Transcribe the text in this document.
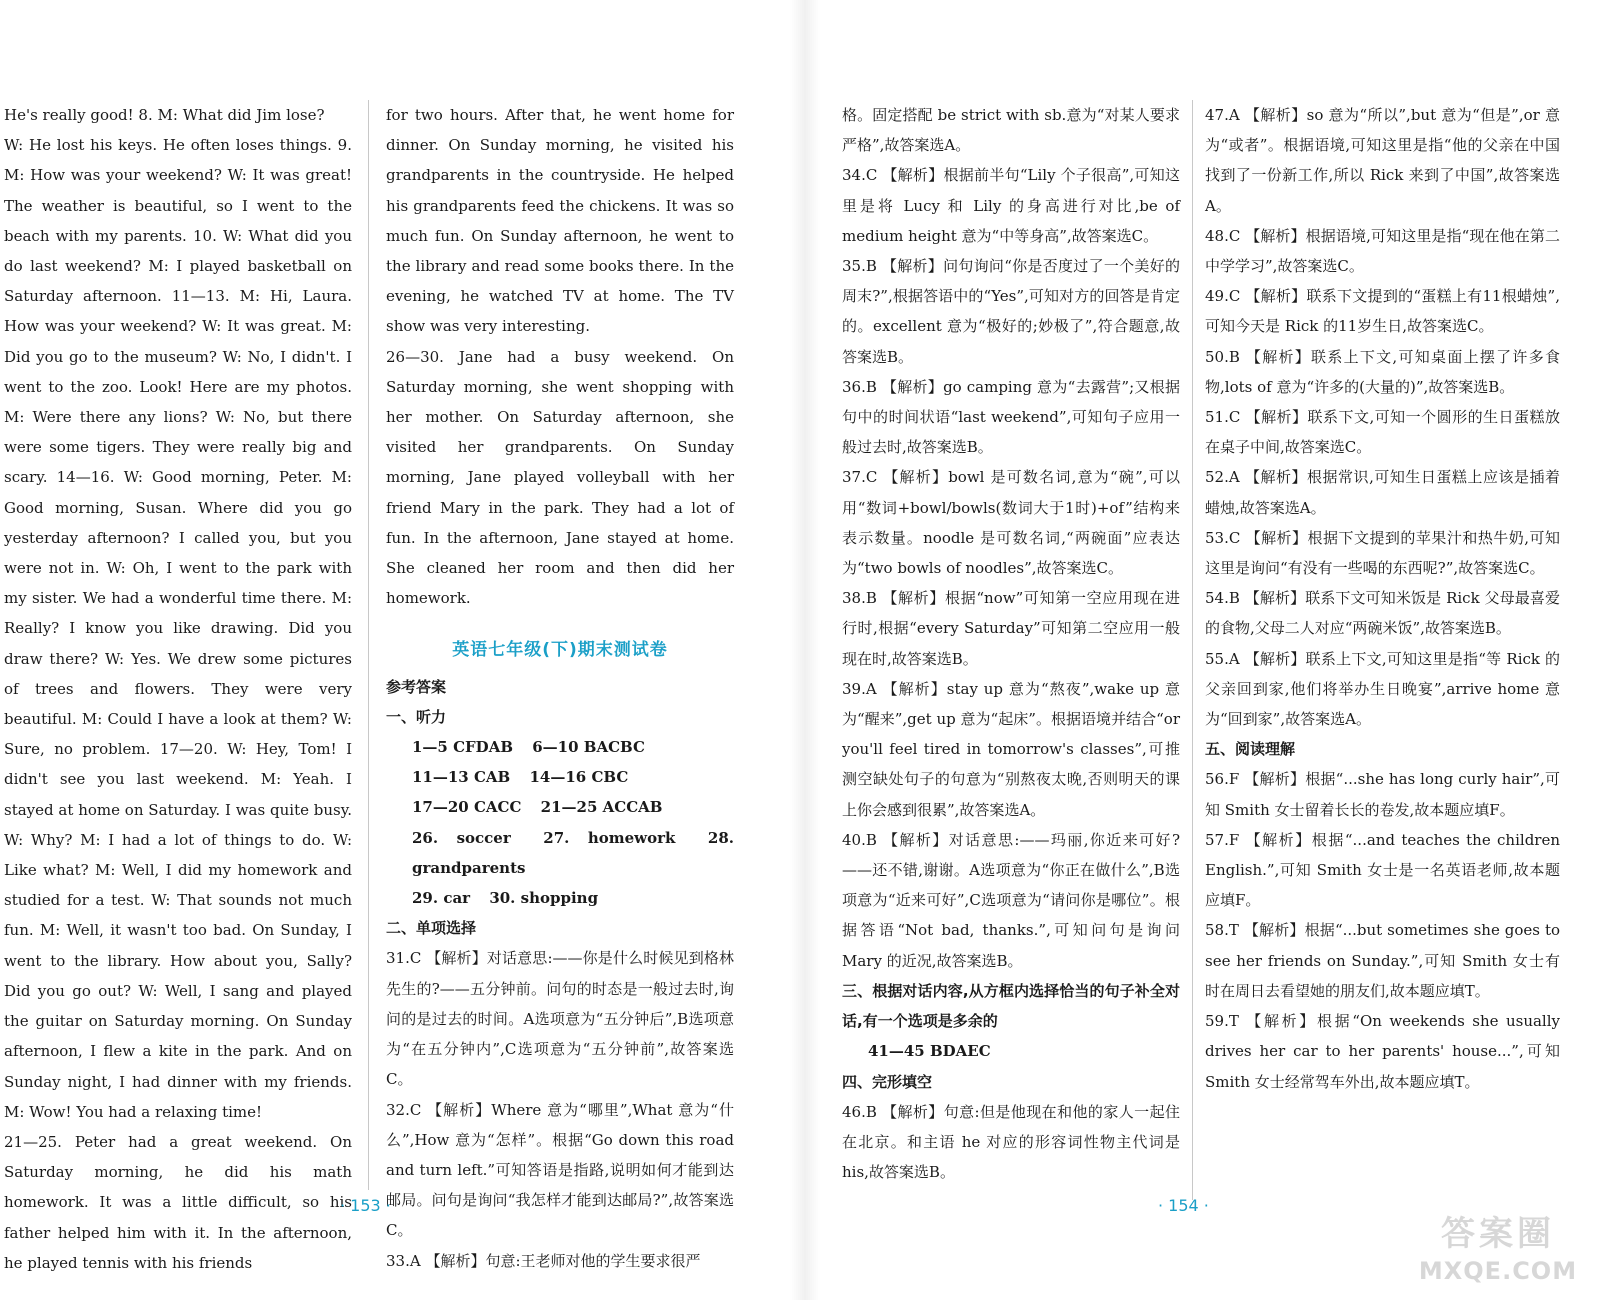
He's really good! 8. M: What did Jim lose?

W: He lost his keys. He often loses things. 9. M: How was your weekend? W: It was great! The weather is beautiful, so I went to the beach with my parents. 10. W: What did you do last weekend? M: I played basketball on Saturday afternoon. 11—13. M: Hi, Laura. How was your weekend? W: It was great. M: Did you go to the museum? W: No, I didn't. I went to the zoo. Look! Here are my photos. M: Were there any lions? W: No, but there were some tigers. They were really big and scary. 14—16. W: Good morning, Peter. M: Good morning, Susan. Where did you go yesterday afternoon? I called you, but you were not in. W: Oh, I went to the park with my sister. We had a wonderful time there. M: Really? I know you like drawing. Did you draw there? W: Yes. We drew some pictures of trees and flowers. They were very beautiful. M: Could I have a look at them? W: Sure, no problem. 17—20. W: Hey, Tom! I didn't see you last weekend. M: Yeah. I stayed at home on Saturday. I was quite busy. W: Why? M: I had a lot of things to do. W: Like what? M: Well, I did my homework and studied for a test. W: That sounds not much fun. M: Well, it wasn't too bad. On Sunday, I went to the library. How about you, Sally? Did you go out? W: Well, I sang and played the guitar on Saturday morning. On Sunday afternoon, I flew a kite in the park. And on Sunday night, I had dinner with my friends. M: Wow! You had a relaxing time!

21—25. Peter had a great weekend. On Saturday morning, he did his math homework. It was a little difficult, so his father helped him with it. In the afternoon, he played tennis with his friends

for two hours. After that, he went home for dinner. On Sunday morning, he visited his grandparents in the countryside. He helped his grandparents feed the chickens. It was so much fun. On Sunday afternoon, he went to the library and read some books there. In the evening, he watched TV at home. The TV show was very interesting.

26—30. Jane had a busy weekend. On Saturday morning, she went shopping with her mother. On Saturday afternoon, she visited her grandparents. On Sunday morning, Jane played volleyball with her friend Mary in the park. They had a lot of fun. In the afternoon, Jane stayed at home. She cleaned her room and then did her homework.

英语七年级(下)期末测试卷
参考答案
一、听力
1—5 CFDAB 6—10 BACBC
11—13 CAB 14—16 CBC
17—20 CACC 21—25 ACCAB
26. soccer 27. homework 28. grandparents
29. car 30. shopping
二、单项选择

31.C 【解析】对话意思:——你是什么时候见到格林先生的?——五分钟前。问句的时态是一般过去时,询问的是过去的时间。A选项意为“五分钟后”,B选项意为“在五分钟内”,C选项意为“五分钟前”,故答案选C。

32.C 【解析】Where 意为“哪里”,What 意为“什么”,How 意为“怎样”。根据“Go down this road and turn left.”可知答语是指路,说明如何才能到达邮局。问句是询问“我怎样才能到达邮局?”,故答案选C。

33.A 【解析】句意:王老师对他的学生要求很严

· 153 ·

格。固定搭配 be strict with sb.意为“对某人要求严格”,故答案选A。

34.C 【解析】根据前半句“Lily 个子很高”,可知这里是将 Lucy 和 Lily 的身高进行对比,be of medium height 意为“中等身高”,故答案选C。

35.B 【解析】问句询问“你是否度过了一个美好的周末?”,根据答语中的“Yes”,可知对方的回答是肯定的。excellent 意为“极好的;妙极了”,符合题意,故答案选B。

36.B 【解析】go camping 意为“去露营”;又根据句中的时间状语“last weekend”,可知句子应用一般过去时,故答案选B。

37.C 【解析】bowl 是可数名词,意为“碗”,可以用“数词+bowl/bowls(数词大于1时)+of”结构来表示数量。noodle 是可数名词,“两碗面”应表达为“two bowls of noodles”,故答案选C。

38.B 【解析】根据“now”可知第一空应用现在进行时,根据“every Saturday”可知第二空应用一般现在时,故答案选B。

39.A 【解析】stay up 意为“熬夜”,wake up 意为“醒来”,get up 意为“起床”。根据语境并结合“or you'll feel tired in tomorrow's classes”,可推测空缺处句子的句意为“别熬夜太晚,否则明天的课上你会感到很累”,故答案选A。

40.B 【解析】对话意思:——玛丽,你近来可好?——还不错,谢谢。A选项意为“你正在做什么”,B选项意为“近来可好”,C选项意为“请问你是哪位”。根据答语“Not bad, thanks.”,可知问句是询问 Mary 的近况,故答案选B。

三、根据对话内容,从方框内选择恰当的句子补全对话,有一个选项是多余的
41—45 BDAEC
四、完形填空

46.B 【解析】句意:但是他现在和他的家人一起住在北京。和主语 he 对应的形容词性物主代词是 his,故答案选B。

47.A 【解析】so 意为“所以”,but 意为“但是”,or 意为“或者”。根据语境,可知这里是指“他的父亲在中国找到了一份新工作,所以 Rick 来到了中国”,故答案选A。

48.C 【解析】根据语境,可知这里是指“现在他在第二中学学习”,故答案选C。

49.C 【解析】联系下文提到的“蛋糕上有11根蜡烛”,可知今天是 Rick 的11岁生日,故答案选C。

50.B 【解析】联系上下文,可知桌面上摆了许多食物,lots of 意为“许多的(大量的)”,故答案选B。

51.C 【解析】联系下文,可知一个圆形的生日蛋糕放在桌子中间,故答案选C。

52.A 【解析】根据常识,可知生日蛋糕上应该是插着蜡烛,故答案选A。

53.C 【解析】根据下文提到的苹果汁和热牛奶,可知这里是询问“有没有一些喝的东西呢?”,故答案选C。

54.B 【解析】联系下文可知米饭是 Rick 父母最喜爱的食物,父母二人对应“两碗米饭”,故答案选B。

55.A 【解析】联系上下文,可知这里是指“等 Rick 的父亲回到家,他们将举办生日晚宴”,arrive home 意为“回到家”,故答案选A。

五、阅读理解

56.F 【解析】根据“...she has long curly hair”,可知 Smith 女士留着长长的卷发,故本题应填F。

57.F 【解析】根据“...and teaches the children English.”,可知 Smith 女士是一名英语老师,故本题应填F。

58.T 【解析】根据“...but sometimes she goes to see her friends on Sunday.”,可知 Smith 女士有时在周日去看望她的朋友们,故本题应填T。

59.T 【解析】根据“On weekends she usually drives her car to her parents' house...”,可知 Smith 女士经常驾车外出,故本题应填T。

· 154 ·
答案圈
MXQE.COM
